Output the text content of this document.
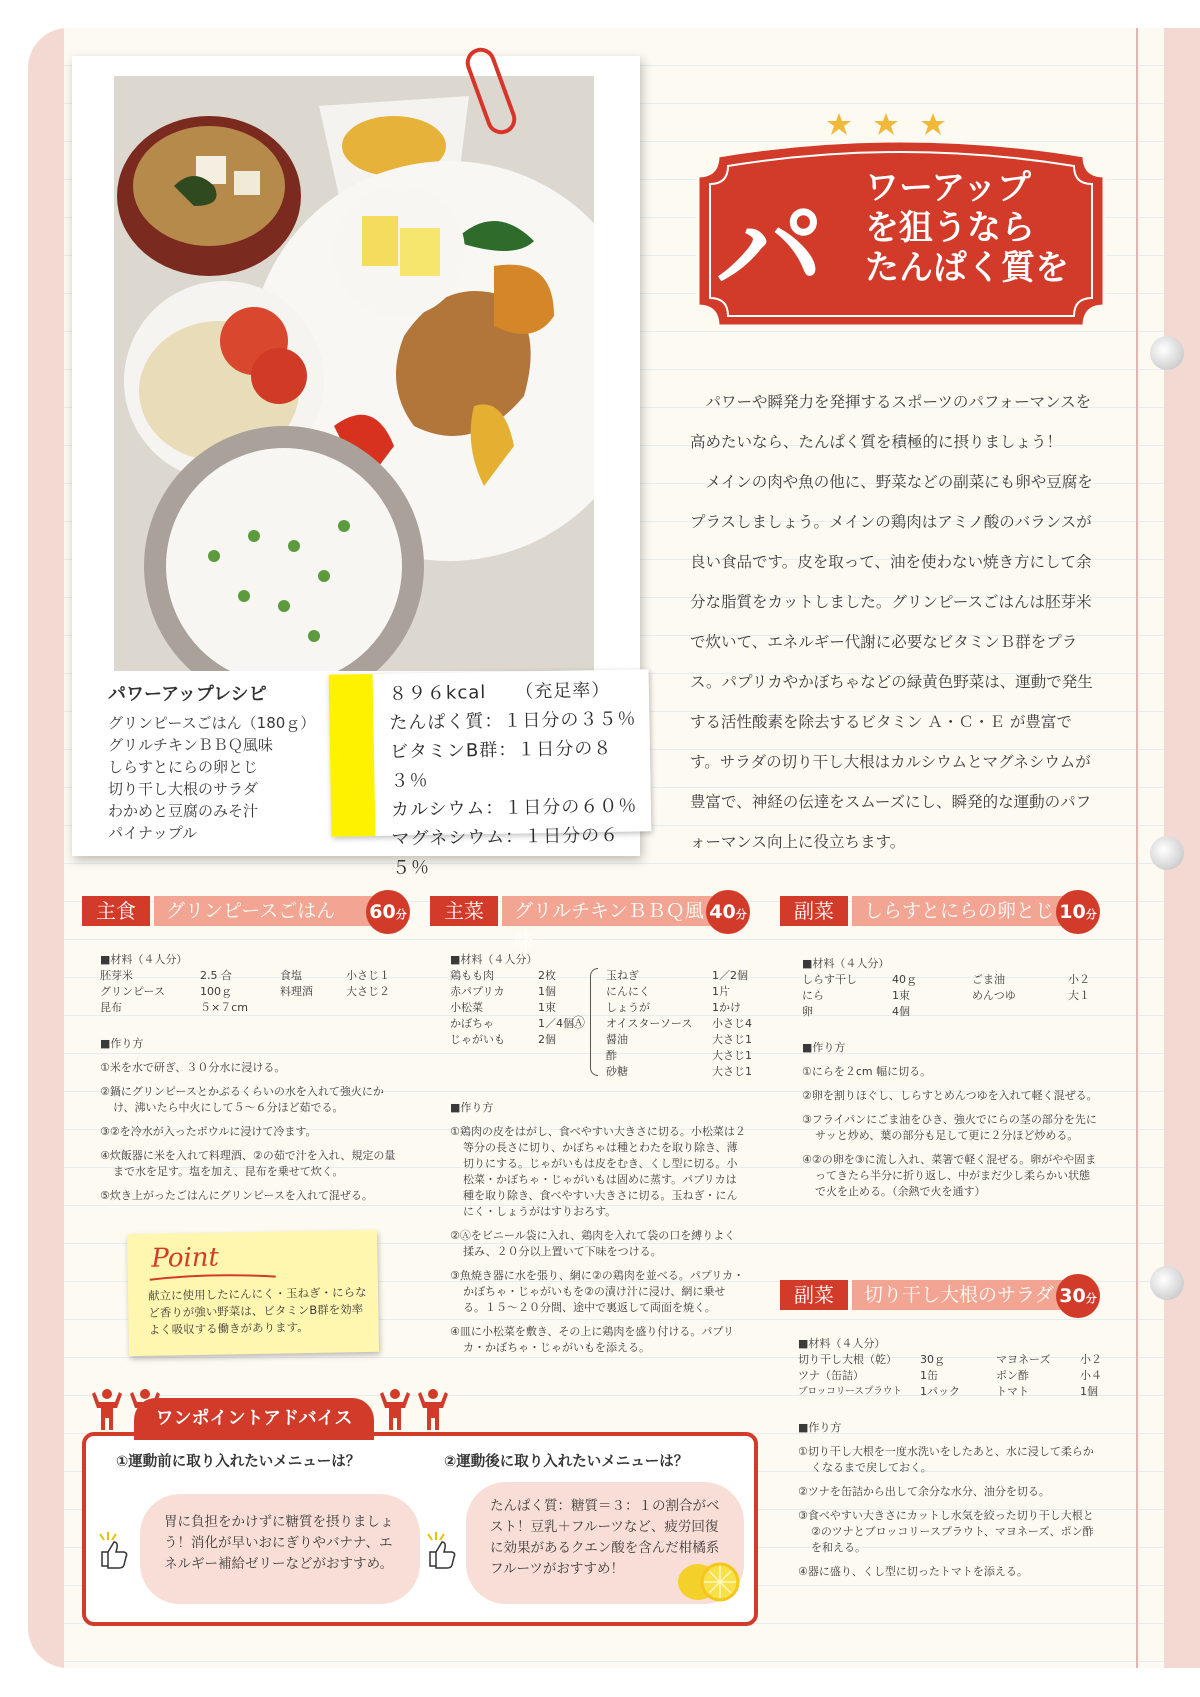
パワーアップレシピ
グリンピースごはん（180ｇ）
グリルチキンＢＢＱ風味
しらすとにらの卵とじ
切り干し大根のサラダ
わかめと豆腐のみそ汁
パイナップル
８９６kcal　　（充足率）
たんぱく質：１日分の３５％
ビタミンB群：１日分の８３％
カルシウム：１日分の６０％
マグネシウム：１日分の６５％
パ ワーアップ
を狙うなら
たんぱく質を

パワーや瞬発力を発揮するスポーツのパフォーマンスを高めたいなら、たんぱく質を積極的に摂りましょう！

メインの肉や魚の他に、野菜などの副菜にも卵や豆腐をプラスしましょう。メインの鶏肉はアミノ酸のバランスが良い食品です。皮を取って、油を使わない焼き方にして余分な脂質をカットしました。グリンピースごはんは胚芽米で炊いて、エネルギー代謝に必要なビタミンＢ群をプラス。パプリカやかぼちゃなどの緑黄色野菜は、運動で発生する活性酸素を除去するビタミン Ａ・Ｃ・Ｅ が豊富です。サラダの切り干し大根はカルシウムとマグネシウムが豊富で、神経の伝達をスムーズにし、瞬発的な運動のパフォーマンス向上に役立ちます。

主食	グリンピースごはん	60分	主菜	グリルチキンＢＢＱ風味
40分	副菜	しらすとにらの卵とじ 10分
副菜	切り干し大根のサラダ 30分
■材料（４人分）
胚芽米	2.5 合	食塩	小さじ１
グリンピース	100ｇ	料理酒	大さじ２
昆布	５×７cm
■作り方
①米を水で研ぎ、３０分水に浸ける。
②鍋にグリンピースとかぶるくらいの水を入れて強火にかけ、沸いたら中火にして５～６分ほど茹でる。
③②を冷水が入ったボウルに浸けて冷ます。
④炊飯器に米を入れて料理酒、②の茹で汁を入れ、規定の量まで水を足す。塩を加え、昆布を乗せて炊く。
⑤炊き上がったごはんにグリンピースを入れて混ぜる。
■材料（４人分）
鶏もも肉	2枚
赤パプリカ	1個
小松菜	1束
かぼちゃ	1／4個
じゃがいも	2個
Ⓐ
玉ねぎ	1／2個
にんにく	1片
しょうが	1かけ
オイスターソース	小さじ4
醤油	大さじ1
酢	大さじ1
砂糖	大さじ1
■作り方
①鶏肉の皮をはがし、食べやすい大きさに切る。小松菜は２等分の長さに切り、かぼちゃは種とわたを取り除き、薄切りにする。じゃがいもは皮をむき、くし型に切る。小松菜・かぼちゃ・じゃがいもは固めに蒸す。パプリカは種を取り除き、食べやすい大きさに切る。玉ねぎ・にんにく・しょうがはすりおろす。
②Ⓐをビニール袋に入れ、鶏肉を入れて袋の口を縛りよく揉み、２０分以上置いて下味をつける。
③魚焼き器に水を張り、網に②の鶏肉を並べる。パプリカ・かぼちゃ・じゃがいもを②の漬け汁に浸け、網に乗せる。１５～２０分間、途中で裏返して両面を焼く。
④皿に小松菜を敷き、その上に鶏肉を盛り付ける。パプリカ・かぼちゃ・じゃがいもを添える。
■材料（４人分）
しらす干し	40ｇ	ごま油	小２
にら	1束	めんつゆ	大１
卵	4個
■作り方
①にらを２cm 幅に切る。
②卵を割りほぐし、しらすとめんつゆを入れて軽く混ぜる。
③フライパンにごま油をひき、強火でにらの茎の部分を先にサッと炒め、葉の部分も足して更に２分ほど炒める。
④②の卵を③に流し入れ、菜箸で軽く混ぜる。卵がやや固まってきたら半分に折り返し、中がまだ少し柔らかい状態で火を止める。（余熱で火を通す）
■材料（４人分）
切り干し大根（乾）	30ｇ	マヨネーズ	小２
ツナ（缶詰）	1缶	ポン酢	小４
ブロッコリースプラウト	1パック	トマト	1個
■作り方
①切り干し大根を一度水洗いをしたあと、水に浸して柔らかくなるまで戻しておく。
②ツナを缶詰から出して余分な水分、油分を切る。
③食べやすい大きさにカットし水気を絞った切り干し大根と②のツナとブロッコリースプラウト、マヨネーズ、ポン酢を和える。
④器に盛り、くし型に切ったトマトを添える。
Point
献立に使用したにんにく・玉ねぎ・にらなど香りが強い野菜は、ビタミンB群を効率よく吸収する働きがあります。
ワンポイントアドバイス
①運動前に取り入れたいメニューは？	②運動後に取り入れたいメニューは？
胃に負担をかけずに糖質を摂りましょう！消化が早いおにぎりやバナナ、エネルギー補給ゼリーなどがおすすめ。
たんぱく質：糖質＝３：１の割合がベスト！豆乳＋フルーツなど、疲労回復に効果があるクエン酸を含んだ柑橘系フルーツがおすすめ！
